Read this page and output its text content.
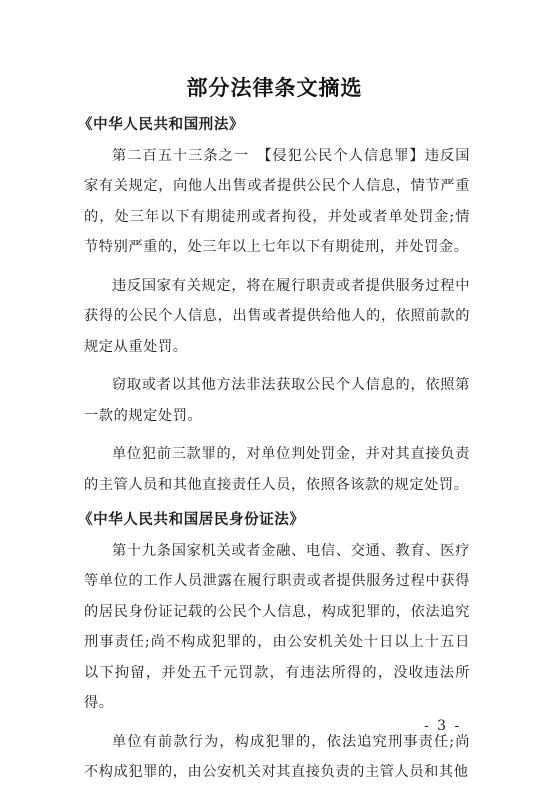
部分法律条文摘选

《中华人民共和国刑法》

第二百五十三条之一　【侵犯公民个人信息罪】违反国家有关规定，向他人出售或者提供公民个人信息，情节严重的，处三年以下有期徒刑或者拘役，并处或者单处罚金;情节特别严重的，处三年以上七年以下有期徒刑，并处罚金。

违反国家有关规定，将在履行职责或者提供服务过程中获得的公民个人信息，出售或者提供给他人的，依照前款的规定从重处罚。

窃取或者以其他方法非法获取公民个人信息的，依照第一款的规定处罚。

单位犯前三款罪的，对单位判处罚金，并对其直接负责的主管人员和其他直接责任人员，依照各该款的规定处罚。

《中华人民共和国居民身份证法》

第十九条国家机关或者金融、电信、交通、教育、医疗等单位的工作人员泄露在履行职责或者提供服务过程中获得的居民身份证记载的公民个人信息，构成犯罪的，依法追究刑事责任;尚不构成犯罪的，由公安机关处十日以上十五日以下拘留，并处五千元罚款，有违法所得的，没收违法所得。

单位有前款行为，构成犯罪的，依法追究刑事责任;尚不构成犯罪的，由公安机关对其直接负责的主管人员和其他

- 3 -
